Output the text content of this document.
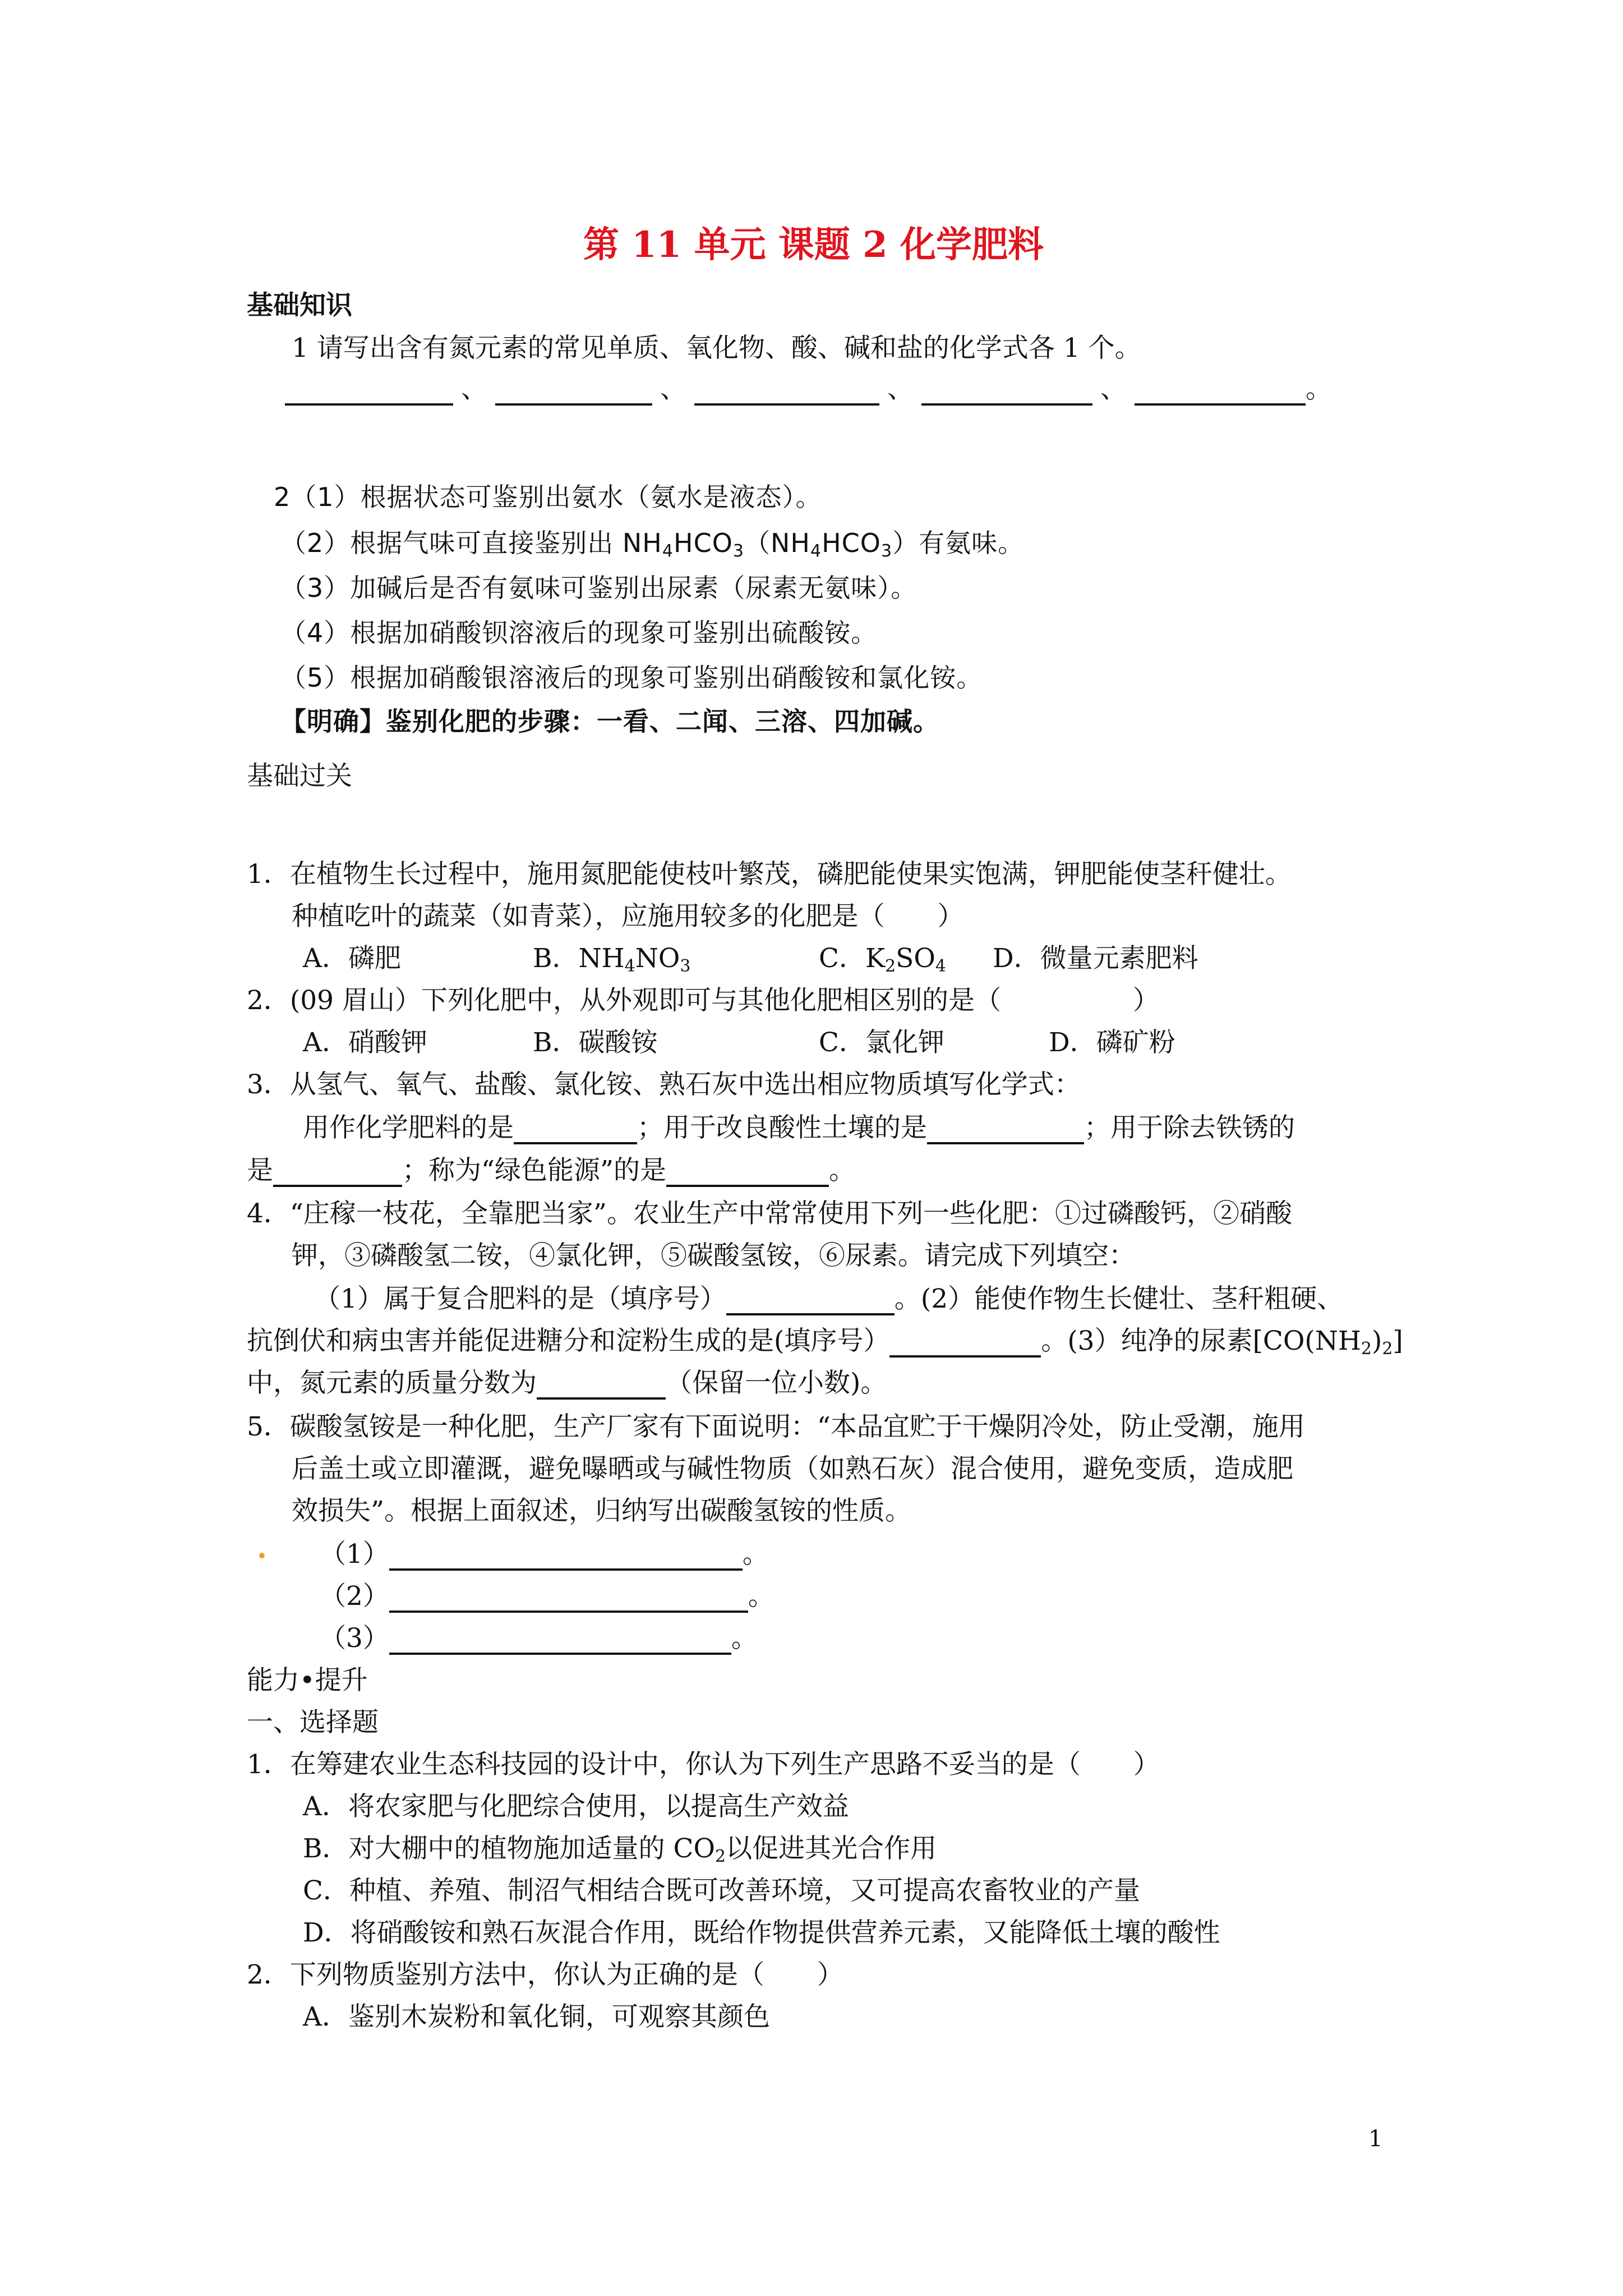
第 11 单元 课题 2 化学肥料
基础知识
1 请写出含有氮元素的常见单质、氧化物、酸、碱和盐的化学式各 1 个。
、	、	、	、	。
2（1）根据状态可鉴别出氨水（氨水是液态）。
（2）根据气味可直接鉴别出 $NH_4HCO_3(NH_4HCO_3)$有氨味。
（3）加碱后是否有氨味可鉴别出尿素（尿素无氨味）。
（4）根据加硝酸钡溶液后的现象可鉴别出硫酸铵。
（5）根据加硝酸银溶液后的现象可鉴别出硝酸铵和氯化铵。
【明确】鉴别化肥的步骤：一看、二闻、三溶、四加碱。
基础过关
1．在植物生长过程中，施用氮肥能使枝叶繁茂，磷肥能使果实饱满，钾肥能使茎秆健壮。
种植吃叶的蔬菜（如青菜），应施用较多的化肥是（　　）
A．磷肥	B．$NH_4NO_3$	C．$K_2SO_4$ D．微量元素肥料
2．(09 眉山）下列化肥中，从外观即可与其他化肥相区别的是（　　　　　）
A．硝酸钾	B．碳酸铵	C．氯化钾	D．磷矿粉
3．从氢气、氧气、盐酸、氯化铵、熟石灰中选出相应物质填写化学式：
用作化学肥料的是	；用于改良酸性土壤的是	；用于除去铁锈的
是	；称为“绿色能源”的是	。
4．“庄稼一枝花，全靠肥当家”。农业生产中常常使用下列一些化肥：①过磷酸钙，②硝酸
钾，③磷酸氢二铵，④氯化钾，⑤碳酸氢铵，⑥尿素。请完成下列填空：
（1）属于复合肥料的是（填序号）	。(2）能使作物生长健壮、茎秆粗硬、
抗倒伏和病虫害并能促进糖分和淀粉生成的是(填序号）	。(3）纯净的尿素$[CO(NH_2)_2]$
中，氮元素的质量分数为	（保留一位小数)。
5．碳酸氢铵是一种化肥，生产厂家有下面说明：“本品宜贮于干燥阴冷处，防止受潮，施用
后盖土或立即灌溉，避免曝晒或与碱性物质（如熟石灰）混合使用，避免变质，造成肥
效损失”。根据上面叙述，归纳写出碳酸氢铵的性质。
（1）	。
（2）	。
（3）	。
能力•提升
一、选择题
1．在筹建农业生态科技园的设计中，你认为下列生产思路不妥当的是（　　）
A．将农家肥与化肥综合使用，以提高生产效益
B．对大棚中的植物施加适量的 $CO_2$以促进其光合作用
C．种植、养殖、制沼气相结合既可改善环境，又可提高农畜牧业的产量
D．将硝酸铵和熟石灰混合作用，既给作物提供营养元素，又能降低土壤的酸性
2．下列物质鉴别方法中，你认为正确的是（　　）
A．鉴别木炭粉和氧化铜，可观察其颜色
1
